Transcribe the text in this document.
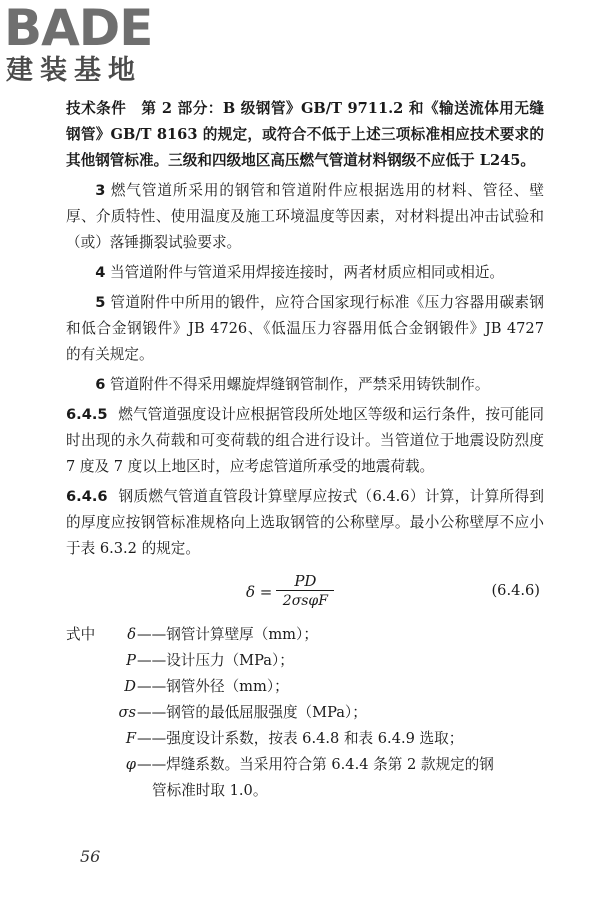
BADE
建装基地

技术条件　第 2 部分：B 级钢管》GB/T 9711.2 和《输送流体用无缝钢管》GB/T 8163 的规定，或符合不低于上述三项标准相应技术要求的其他钢管标准。三级和四级地区高压燃气管道材料钢级不应低于 L245。

3 燃气管道所采用的钢管和管道附件应根据选用的材料、管径、壁厚、介质特性、使用温度及施工环境温度等因素，对材料提出冲击试验和（或）落锤撕裂试验要求。

4 当管道附件与管道采用焊接连接时，两者材质应相同或相近。

5 管道附件中所用的锻件，应符合国家现行标准《压力容器用碳素钢和低合金钢锻件》JB 4726、《低温压力容器用低合金钢锻件》JB 4727 的有关规定。

6 管道附件不得采用螺旋焊缝钢管制作，严禁采用铸铁制作。

6.4.5 燃气管道强度设计应根据管段所处地区等级和运行条件，按可能同时出现的永久荷载和可变荷载的组合进行设计。当管道位于地震设防烈度 7 度及 7 度以上地区时，应考虑管道所承受的地震荷载。

6.4.6 钢质燃气管道直管段计算壁厚应按式（6.4.6）计算，计算所得到的厚度应按钢管标准规格向上选取钢管的公称壁厚。最小公称壁厚不应小于表 6.3.2 的规定。

δ =
PD
2σsφF
(6.4.6)
式中	δ ——钢管计算壁厚（mm）；
P ——设计压力（MPa）；
D ——钢管外径（mm）；
σs ——钢管的最低屈服强度（MPa）；
F ——强度设计系数，按表 6.4.8 和表 6.4.9 选取；
φ ——焊缝系数。当采用符合第 6.4.4 条第 2 款规定的钢
管标准时取 1.0。
56
